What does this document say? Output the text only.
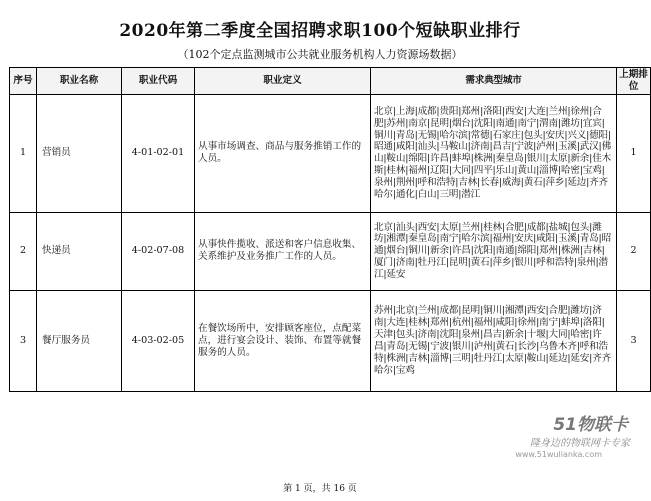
2020年第二季度全国招聘求职100个短缺职业排行
（102个定点监测城市公共就业服务机构人力资源场数据）
序号	职业名称	职业代码	职业定义	需求典型城市	上期排位
1	营销员	4-01-02-01	从事市场调查、商品与服务推销工作的人员。	北京|上海|成都|贵阳|郑州|洛阳|西安|大连|兰州|徐州|合肥|苏州|南京|昆明|烟台|沈阳|南通|南宁|渭南|潍坊|宜宾|铜川|青岛|无锡|哈尔滨|常德|石家庄|包头|安庆|兴义|德阳|昭通|咸阳|汕头|马鞍山|济南|昌吉|宁波|泸州|玉溪|武汉|佛山|鞍山|绵阳|许昌|蚌埠|株洲|秦皇岛|银川|太原|新余|佳木斯|桂林|福州|辽阳|大同|四平|乐山|黄山|淄博|哈密|宝鸡|泉州|荆州|呼和浩特|吉林|长春|威海|黄石|萍乡|延边|齐齐哈尔|通化|白山|三明|潜江	1
2	快递员	4-02-07-08	从事快件揽收、派送和客户信息收集、关系维护及业务推广工作的人员。	北京|汕头|西安|太原|兰州|桂林|合肥|成都|盐城|包头|潍坊|湘潭|秦皇岛|南宁|哈尔滨|福州|安庆|咸阳|玉溪|青岛|昭通|烟台|铜川|新余|许昌|沈阳|南通|绵阳|郑州|株洲|吉林|厦门|济南|牡丹江|昆明|黄石|萍乡|银川|呼和浩特|泉州|潜江|延安	2
3	餐厅服务员	4-03-02-05	在餐饮场所中，安排顾客座位，点配菜点，进行宴会设计、装饰、布置等就餐服务的人员。	苏州|北京|兰州|成都|昆明|铜川|湘潭|西安|合肥|潍坊|济南|大连|桂林|郑州|杭州|福州|咸阳|徐州|南宁|蚌埠|洛阳|天津|包头|济南|沈阳|泉州|昌吉|新余|十堰|大同|哈密|许昌|青岛|无锡|宁波|银川|泸州|黄石|长沙|乌鲁木齐|呼和浩特|株洲|吉林|淄博|三明|牡丹江|太原|鞍山|延边|延安|齐齐哈尔|宝鸡	3
51物联卡
隆身边的物联网卡专家
www.51wulianka.com
第 1 页，共 16 页
